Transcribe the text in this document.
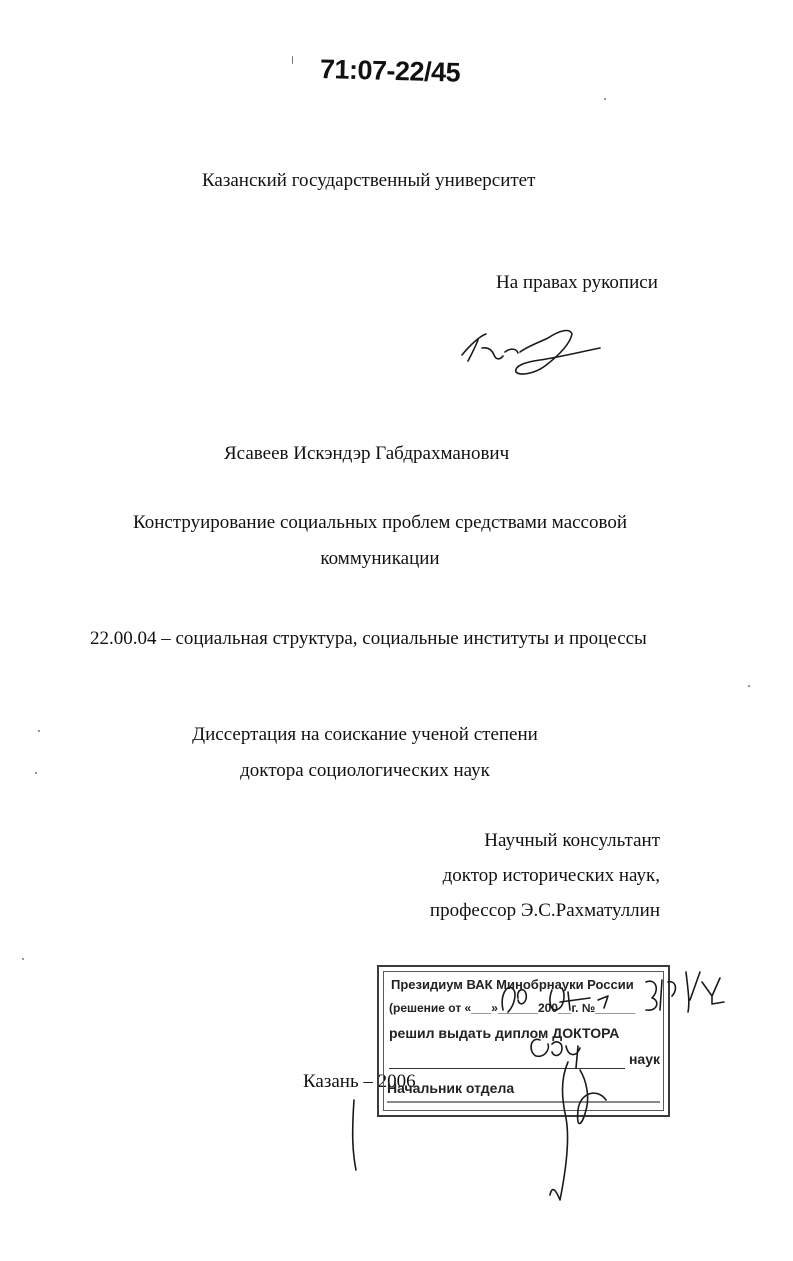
71:07-22/45
Казанский государственный университет
На правах рукописи
Ясавеев Искэндэр Габдрахманович
Конструирование социальных проблем средствами массовой
коммуникации
22.00.04 – социальная структура, социальные институты и процессы
Диссертация на соискание ученой степени
доктора социологических наук
Научный консультант
доктор исторических наук,
профессор Э.С.Рахматуллин
Казань – 2006
Президиум ВАК Минобрнауки России
(решение от «___»______200__г. №______
решил выдать диплом ДОКТОРА
наук
Начальник отдела
